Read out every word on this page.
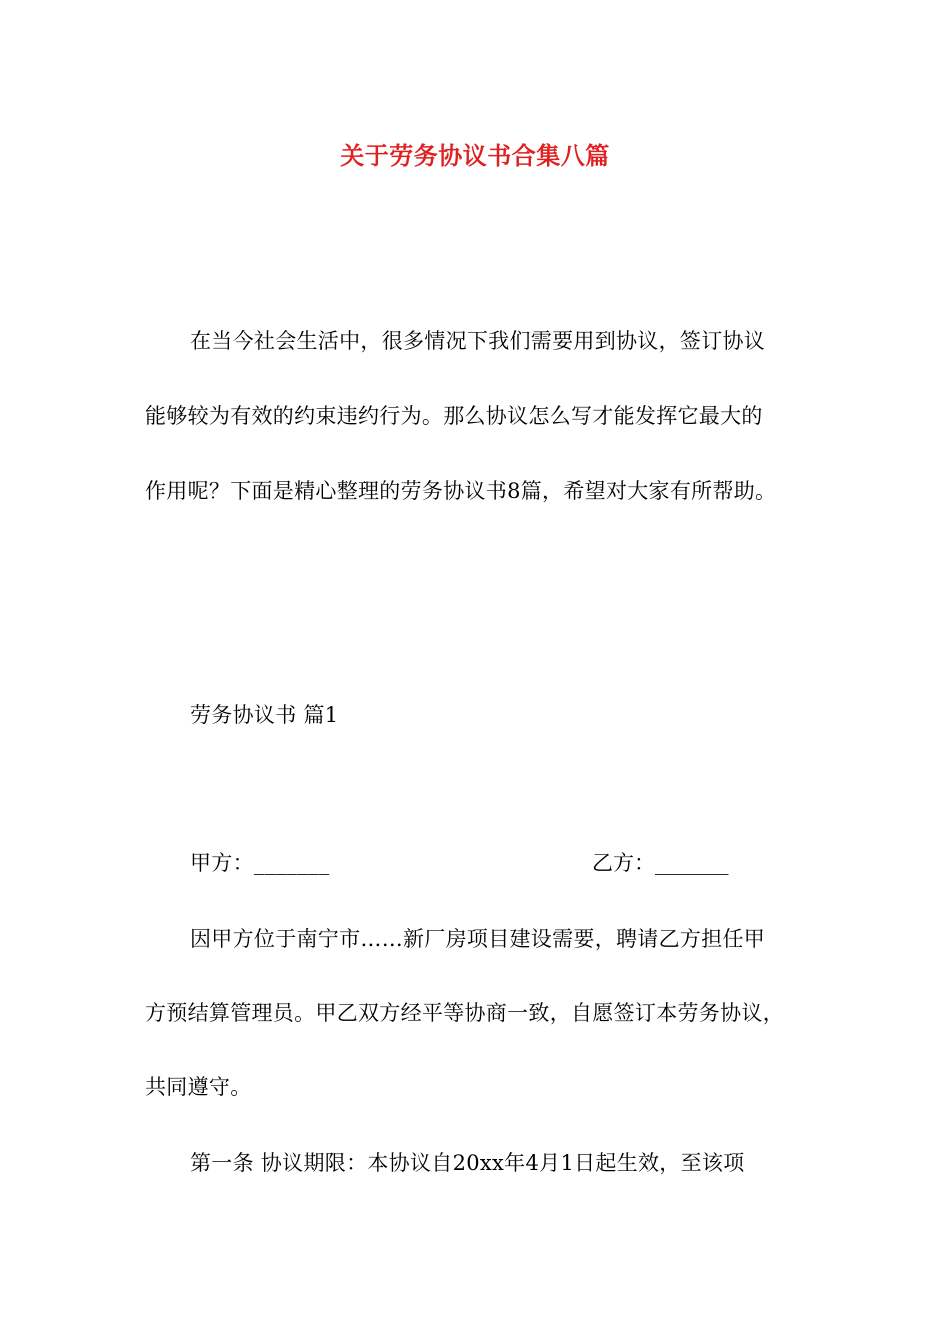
关于劳务协议书合集八篇
在当今社会生活中，很多情况下我们需要用到协议，签订协议
能够较为有效的约束违约行为。那么协议怎么写才能发挥它最大的
作用呢？下面是精心整理的劳务协议书8篇，希望对大家有所帮助。
劳务协议书 篇1
甲方：_______	乙方：_______
因甲方位于南宁市……新厂房项目建设需要，聘请乙方担任甲
方预结算管理员。甲乙双方经平等协商一致，自愿签订本劳务协议，
共同遵守。
第一条 协议期限：本协议自20xx年4月1日起生效，至该项
